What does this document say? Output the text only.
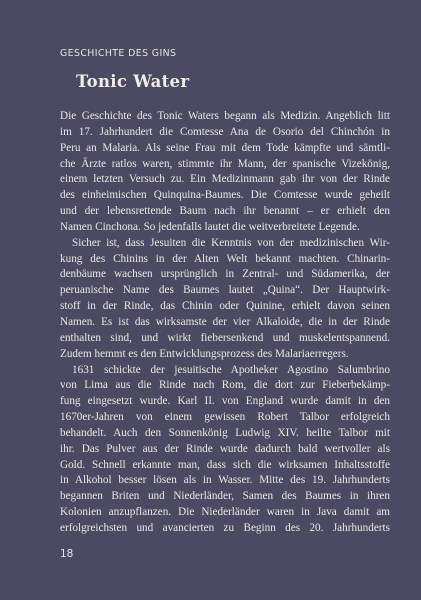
GESCHICHTE DES GINS
Tonic Water
Die Geschichte des Tonic Waters begann als Medizin. Angeblich litt
im 17. Jahrhundert die Comtesse Ana de Osorio del Chinchón in
Peru an Malaria. Als seine Frau mit dem Tode kämpfte und sämtli-
che Ärzte ratlos waren, stimmte ihr Mann, der spanische Vizekönig,
einem letzten Versuch zu. Ein Medizinmann gab ihr von der Rinde
des einheimischen Quinquina-Baumes. Die Comtesse wurde geheilt
und der lebensrettende Baum nach ihr benannt – er erhielt den
Namen Cinchona. So jedenfalls lautet die weitverbreitete Legende.
Sicher ist, dass Jesuiten die Kenntnis von der medizinischen Wir-
kung des Chinins in der Alten Welt bekannt machten. Chinarin-
denbäume wachsen ursprünglich in Zentral- und Südamerika, der
peruanische Name des Baumes lautet „Quina“. Der Hauptwirk-
stoff in der Rinde, das Chinin oder Quinine, erhielt davon seinen
Namen. Es ist das wirksamste der vier Alkaloide, die in der Rinde
enthalten sind, und wirkt fiebersenkend und muskelentspannend.
Zudem hemmt es den Entwicklungsprozess des Malariaerregers.
1631 schickte der jesuitische Apotheker Agostino Salumbrino
von Lima aus die Rinde nach Rom, die dort zur Fieberbekämp-
fung eingesetzt wurde. Karl II. von England wurde damit in den
1670er-Jahren von einem gewissen Robert Talbor erfolgreich
behandelt. Auch den Sonnenkönig Ludwig XIV. heilte Talbor mit
ihr. Das Pulver aus der Rinde wurde dadurch bald wertvoller als
Gold. Schnell erkannte man, dass sich die wirksamen Inhaltsstoffe
in Alkohol besser lösen als in Wasser. Mitte des 19. Jahrhunderts
begannen Briten und Niederländer, Samen des Baumes in ihren
Kolonien anzupflanzen. Die Niederländer waren in Java damit am
erfolgreichsten und avancierten zu Beginn des 20. Jahrhunderts
18
